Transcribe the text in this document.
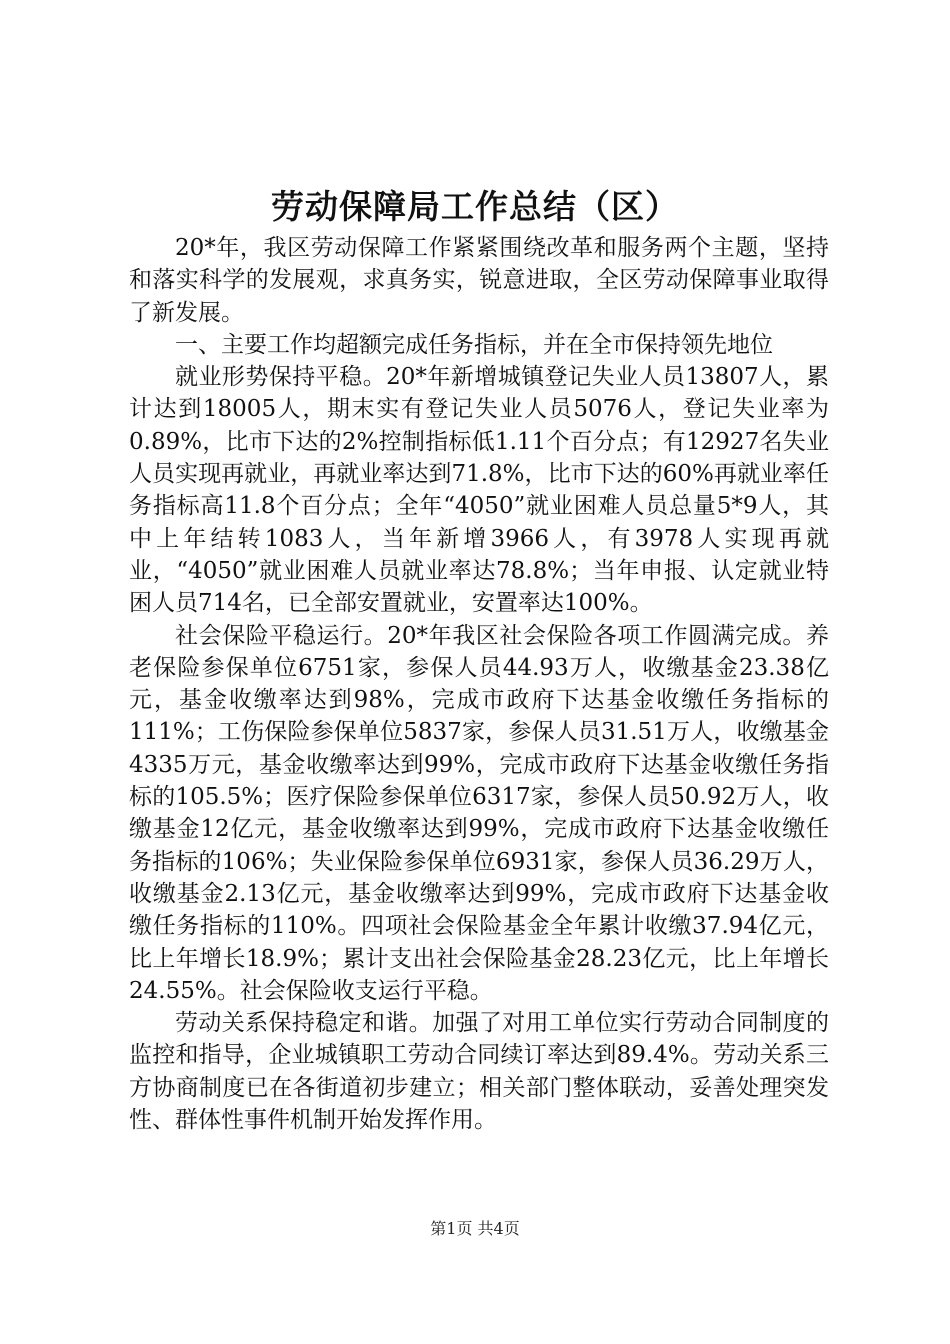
劳动保障局工作总结（区）

20*年，我区劳动保障工作紧紧围绕改革和服务两个主题，坚持和落实科学的发展观，求真务实，锐意进取，全区劳动保障事业取得了新发展。

一、主要工作均超额完成任务指标，并在全市保持领先地位

就业形势保持平稳。20*年新增城镇登记失业人员13807人，累计达到18005人，期末实有登记失业人员5076人，登记失业率为0.89%，比市下达的2%控制指标低1.11个百分点；有12927名失业人员实现再就业，再就业率达到71.8%，比市下达的60%再就业率任务指标高11.8个百分点；全年“4050”就业困难人员总量5*9人，其中上年结转1083人，当年新增3966人，有3978人实现再就业，“4050”就业困难人员就业率达78.8%；当年申报、认定就业特困人员714名，已全部安置就业，安置率达100%。

社会保险平稳运行。20*年我区社会保险各项工作圆满完成。养老保险参保单位6751家，参保人员44.93万人，收缴基金23.38亿元，基金收缴率达到98%，完成市政府下达基金收缴任务指标的111%；工伤保险参保单位5837家，参保人员31.51万人，收缴基金4335万元，基金收缴率达到99%，完成市政府下达基金收缴任务指标的105.5%；医疗保险参保单位6317家，参保人员50.92万人，收缴基金12亿元，基金收缴率达到99%，完成市政府下达基金收缴任务指标的106%；失业保险参保单位6931家，参保人员36.29万人，收缴基金2.13亿元，基金收缴率达到99%，完成市政府下达基金收缴任务指标的110%。四项社会保险基金全年累计收缴37.94亿元，比上年增长18.9%；累计支出社会保险基金28.23亿元，比上年增长24.55%。社会保险收支运行平稳。

劳动关系保持稳定和谐。加强了对用工单位实行劳动合同制度的监控和指导，企业城镇职工劳动合同续订率达到89.4%。劳动关系三方协商制度已在各街道初步建立；相关部门整体联动，妥善处理突发性、群体性事件机制开始发挥作用。

第1页 共4页
